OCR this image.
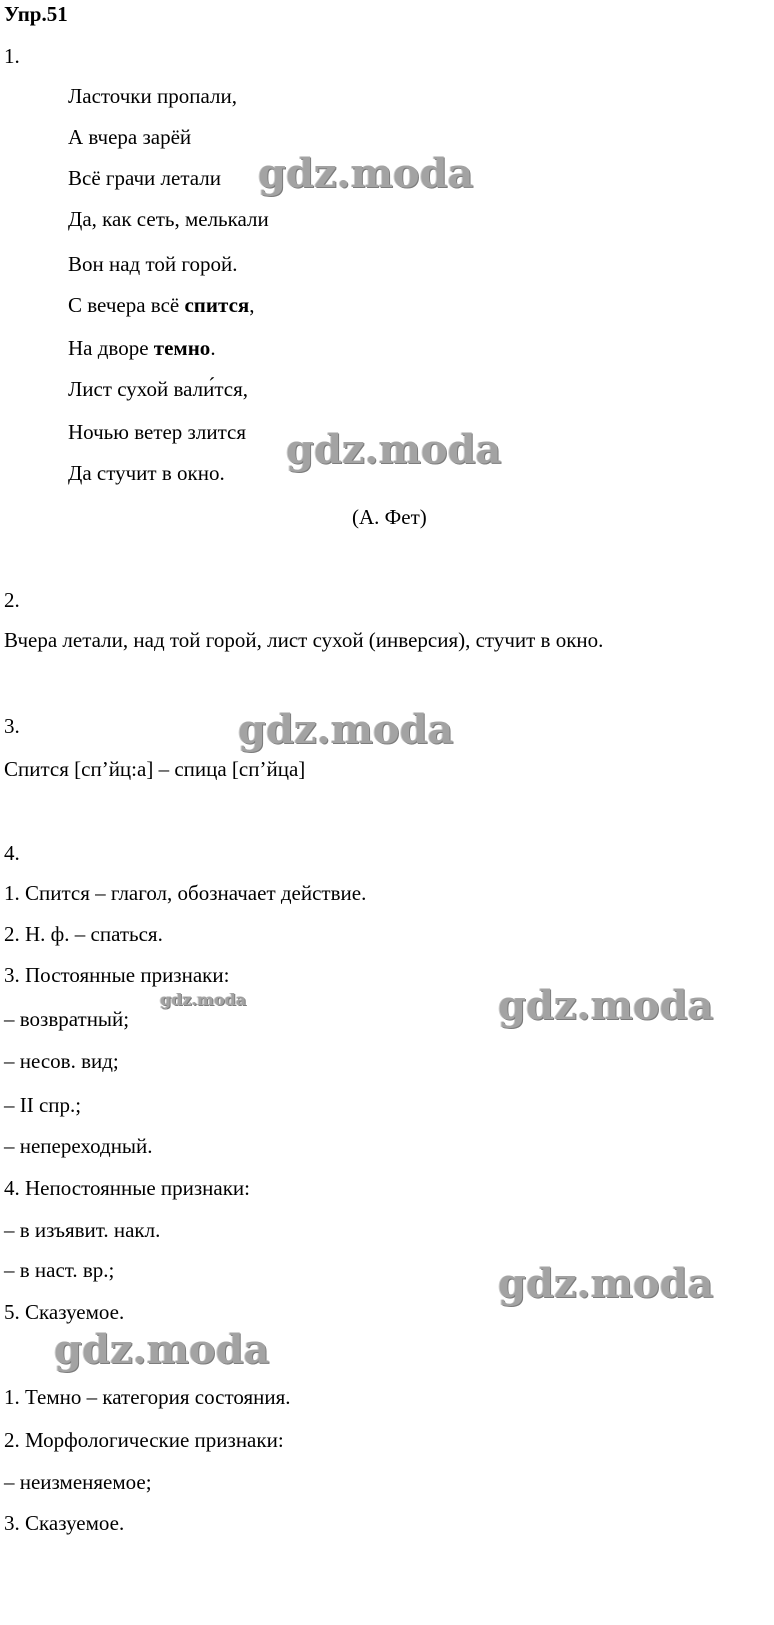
Упр.51
1.
Ласточки пропали,
А вчера зарёй
Всё грачи летали
Да, как сеть, мелькали
Вон над той горой.
С вечера всё спится,
На дворе темно.
Лист сухой вали́тся,
Ночью ветер злится
Да стучит в окно.
(А. Фет)
2.
Вчера летали, над той горой, лист сухой (инверсия), стучит в окно.
3.
Спится [сп’йц:а] – спица [сп’йца]
4.
1. Спится – глагол, обозначает действие.
2. Н. ф. – спаться.
3. Постоянные признаки:
– возвратный;
– несов. вид;
– II спр.;
– непереходный.
4. Непостоянные признаки:
– в изъявит. накл.
– в наст. вр.;
5. Сказуемое.
1. Темно – категория состояния.
2. Морфологические признаки:
– неизменяемое;
3. Сказуемое.
gdz.moda
gdz.moda
gdz.moda
gdz.moda	gdz.moda
gdz.moda
gdz.moda
